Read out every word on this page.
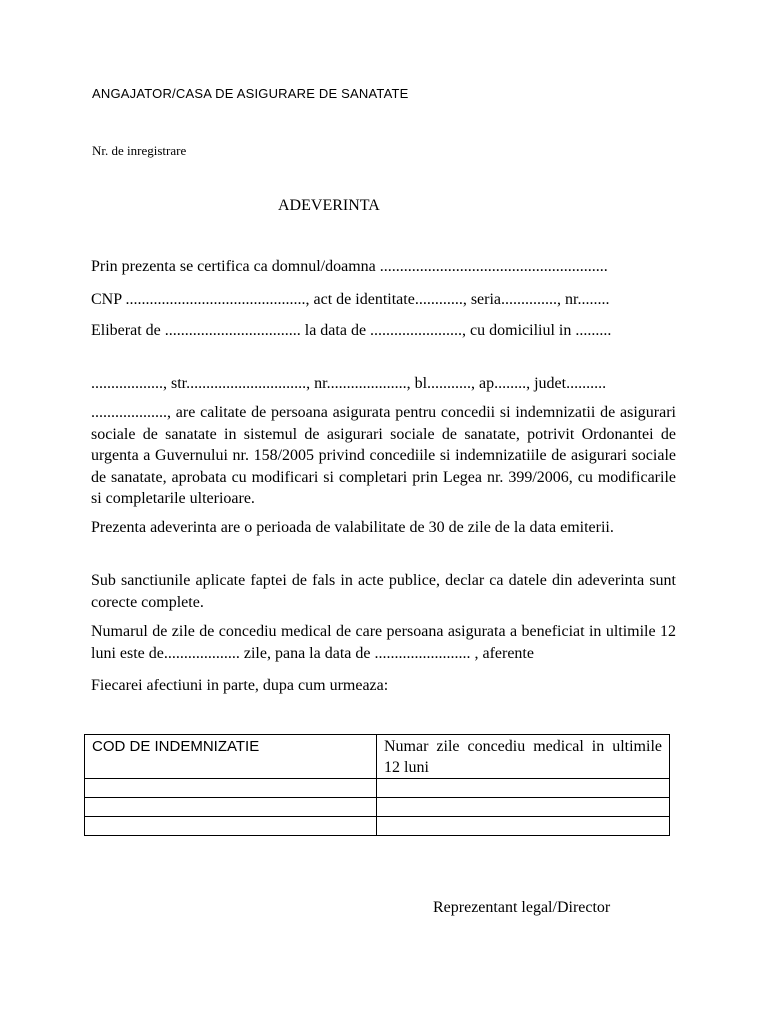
ANGAJATOR/CASA DE ASIGURARE DE SANATATE
Nr. de inregistrare
ADEVERINTA
Prin prezenta se certifica ca domnul/doamna .........................................................
CNP ............................................., act de identitate............, seria.............., nr........
Eliberat de .................................. la data de ......................., cu domiciliul in .........
.................., str.............................., nr...................., bl..........., ap........, judet..........
..................., are calitate de persoana asigurata pentru concedii si indemnizatii de asigurari sociale de sanatate in sistemul de asigurari sociale de sanatate, potrivit Ordonantei de urgenta a Guvernului nr. 158/2005 privind concediile si indemnizatiile de asigurari sociale de sanatate, aprobata cu modificari si completari prin Legea nr. 399/2006, cu modificarile si completarile ulterioare.
Prezenta adeverinta are o perioada de valabilitate de 30 de zile de la data emiterii.
Sub sanctiunile aplicate faptei de fals in acte publice, declar ca datele din adeverinta sunt corecte complete.
Numarul de zile de concediu medical de care persoana asigurata a beneficiat in ultimile 12 luni este de................... zile, pana la data de ........................ , aferente
Fiecarei afectiuni in parte, dupa cum urmeaza:
COD DE INDEMNIZATIE	Numar zile concediu medical in ultimile 12 luni

Reprezentant legal/Director
